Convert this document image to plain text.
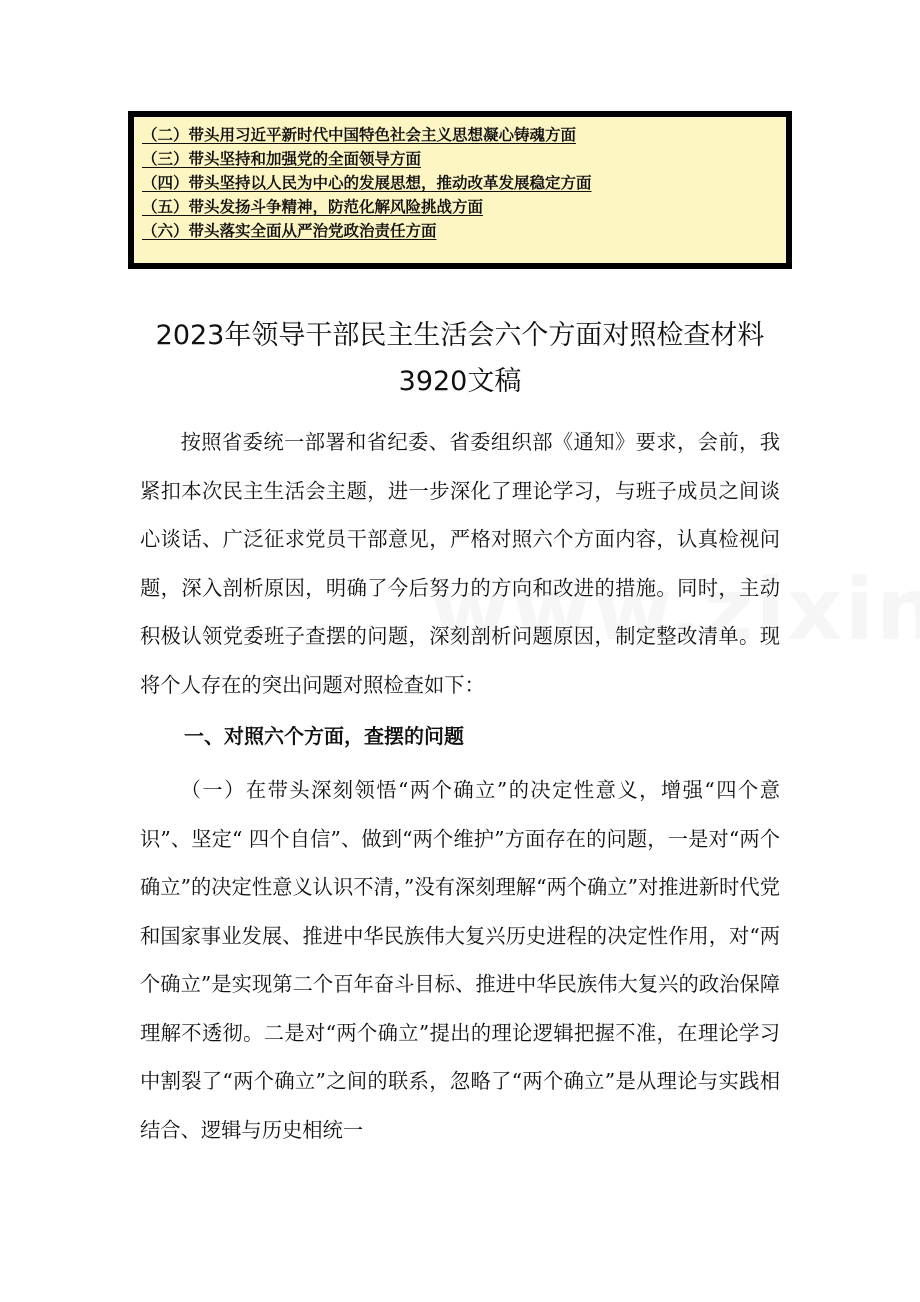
（二）带头用习近平新时代中国特色社会主义思想凝心铸魂方面
（三）带头坚持和加强党的全面领导方面
（四）带头坚持以人民为中心的发展思想，推动改革发展稳定方面
（五）带头发扬斗争精神，防范化解风险挑战方面
（六）带头落实全面从严治党政治责任方面
2023年领导干部民主生活会六个方面对照检查材料
3920文稿

按照省委统一部署和省纪委、省委组织部《通知》要求，会前，我紧扣本次民主生活会主题，进一步深化了理论学习，与班子成员之间谈心谈话、广泛征求党员干部意见，严格对照六个方面内容，认真检视问题，深入剖析原因，明确了今后努力的方向和改进的措施。同时，主动积极认领党委班子查摆的问题，深刻剖析问题原因，制定整改清单。现将个人存在的突出问题对照检查如下：

一、对照六个方面，查摆的问题

（一）在带头深刻领悟“两个确立”的决定性意义，增强“四个意识”、坚定“ 四个自信”、做到“两个维护”方面存在的问题，一是对“两个确立”的决定性意义认识不清，”没有深刻理解“两个确立”对推进新时代党和国家事业发展、推进中华民族伟大复兴历史进程的决定性作用，对“两个确立”是实现第二个百年奋斗目标、推进中华民族伟大复兴的政治保障理解不透彻。二是对“两个确立”提出的理论逻辑把握不准，在理论学习中割裂了“两个确立”之间的联系，忽略了“两个确立”是从理论与实践相结合、逻辑与历史相统一
